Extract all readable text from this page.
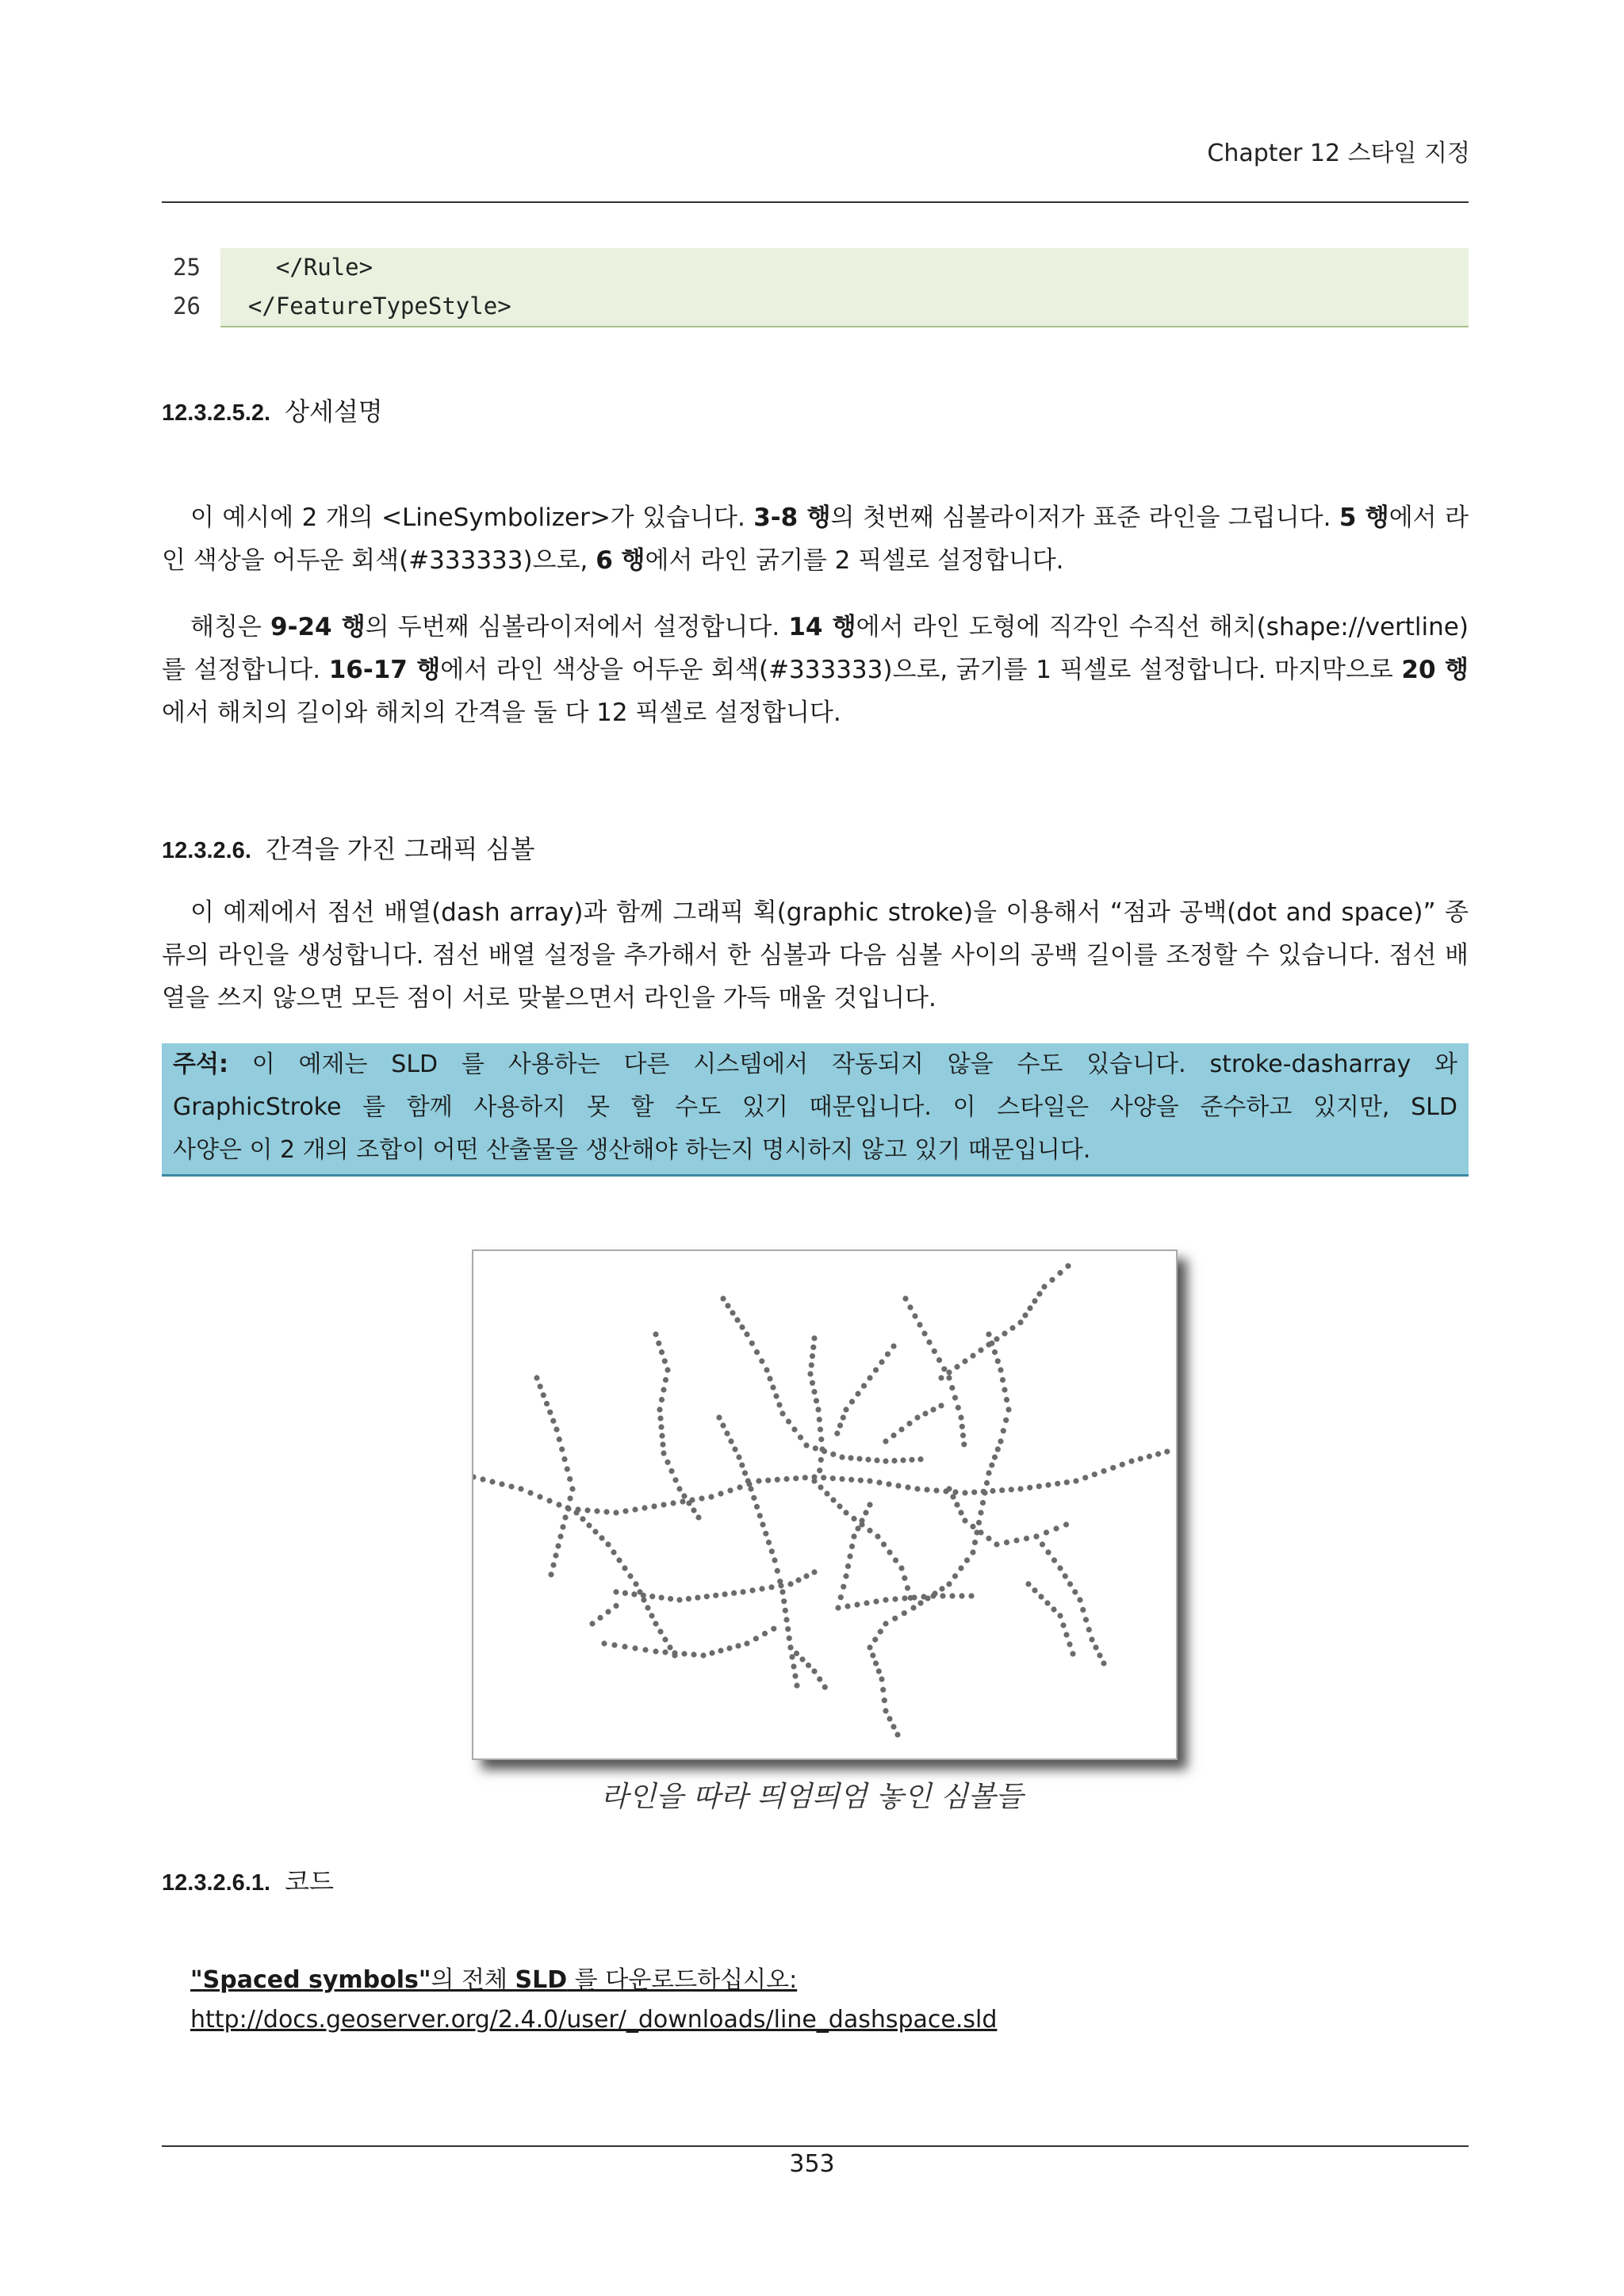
Chapter 12 스타일 지정
25
26
</Rule>
</FeatureTypeStyle>
12.3.2.5.2. 상세설명
이 예시에 2 개의 <LineSymbolizer>가 있습니다. 3-8 행의 첫번째 심볼라이저가 표준 라인을 그립니다. 5 행에서 라인 색상을 어두운 회색(#333333)으로, 6 행에서 라인 굵기를 2 픽셀로 설정합니다.
해칭은 9-24 행의 두번째 심볼라이저에서 설정합니다. 14 행에서 라인 도형에 직각인 수직선 해치(shape://vertline)를 설정합니다. 16-17 행에서 라인 색상을 어두운 회색(#333333)으로, 굵기를 1 픽셀로 설정합니다. 마지막으로 20 행에서 해치의 길이와 해치의 간격을 둘 다 12 픽셀로 설정합니다.
12.3.2.6. 간격을 가진 그래픽 심볼
이 예제에서 점선 배열(dash array)과 함께 그래픽 획(graphic stroke)을 이용해서 “점과 공백(dot and space)” 종류의 라인을 생성합니다. 점선 배열 설정을 추가해서 한 심볼과 다음 심볼 사이의 공백 길이를 조정할 수 있습니다. 점선 배열을 쓰지 않으면 모든 점이 서로 맞붙으면서 라인을 가득 매울 것입니다.
주석: 이 예제는 SLD 를 사용하는 다른 시스템에서 작동되지 않을 수도 있습니다. stroke-dasharray 와
GraphicStroke 를 함께 사용하지 못 할 수도 있기 때문입니다. 이 스타일은 사양을 준수하고 있지만, SLD
사양은 이 2 개의 조합이 어떤 산출물을 생산해야 하는지 명시하지 않고 있기 때문입니다.
라인을 따라 띄엄띄엄 놓인 심볼들
12.3.2.6.1. 코드
"Spaced symbols"의 전체 SLD 를 다운로드하십시오:
http://docs.geoserver.org/2.4.0/user/_downloads/line_dashspace.sld
353
